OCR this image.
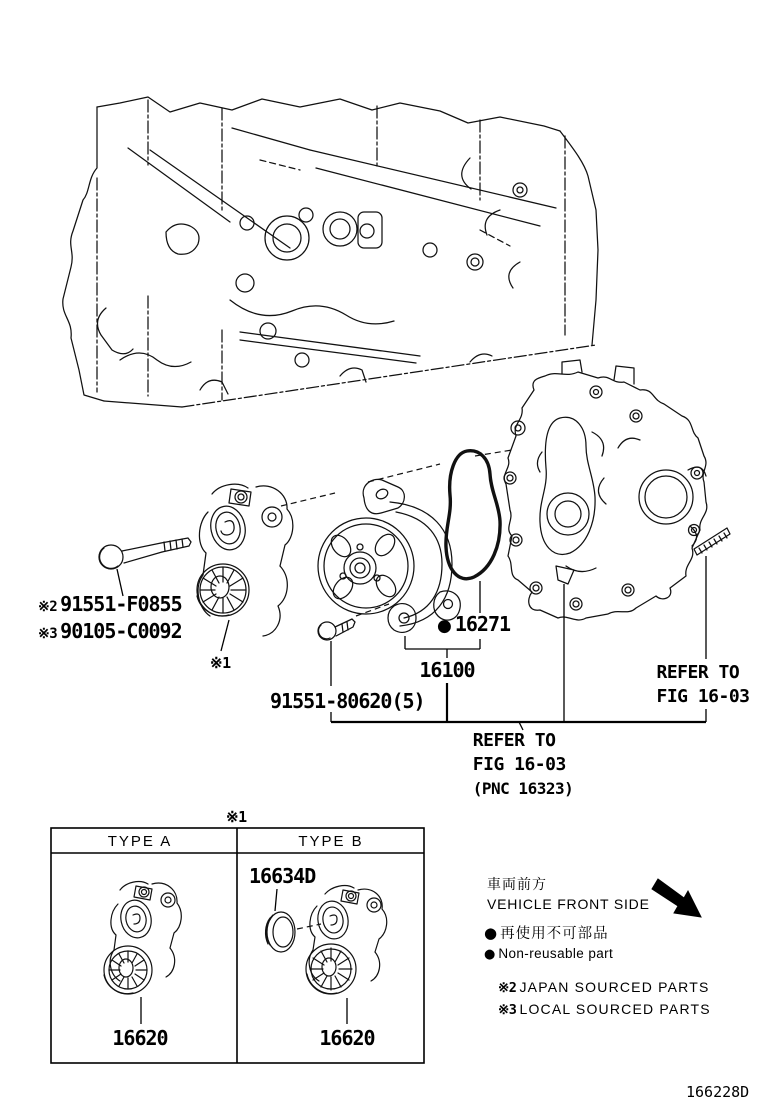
※2 91551-F0855
※3 90105-C0092
※1
● 16271
16100
91551-80620(5)
REFER TO
FIG 16-03
REFER TO
FIG 16-03
(PNC 16323)
※1
TYPE A	TYPE B
16634D
16620	16620
車両前方
VEHICLE FRONT SIDE
● 再使用不可部品
● Non-reusable part
※2 JAPAN SOURCED PARTS
※3 LOCAL SOURCED PARTS
166228D
